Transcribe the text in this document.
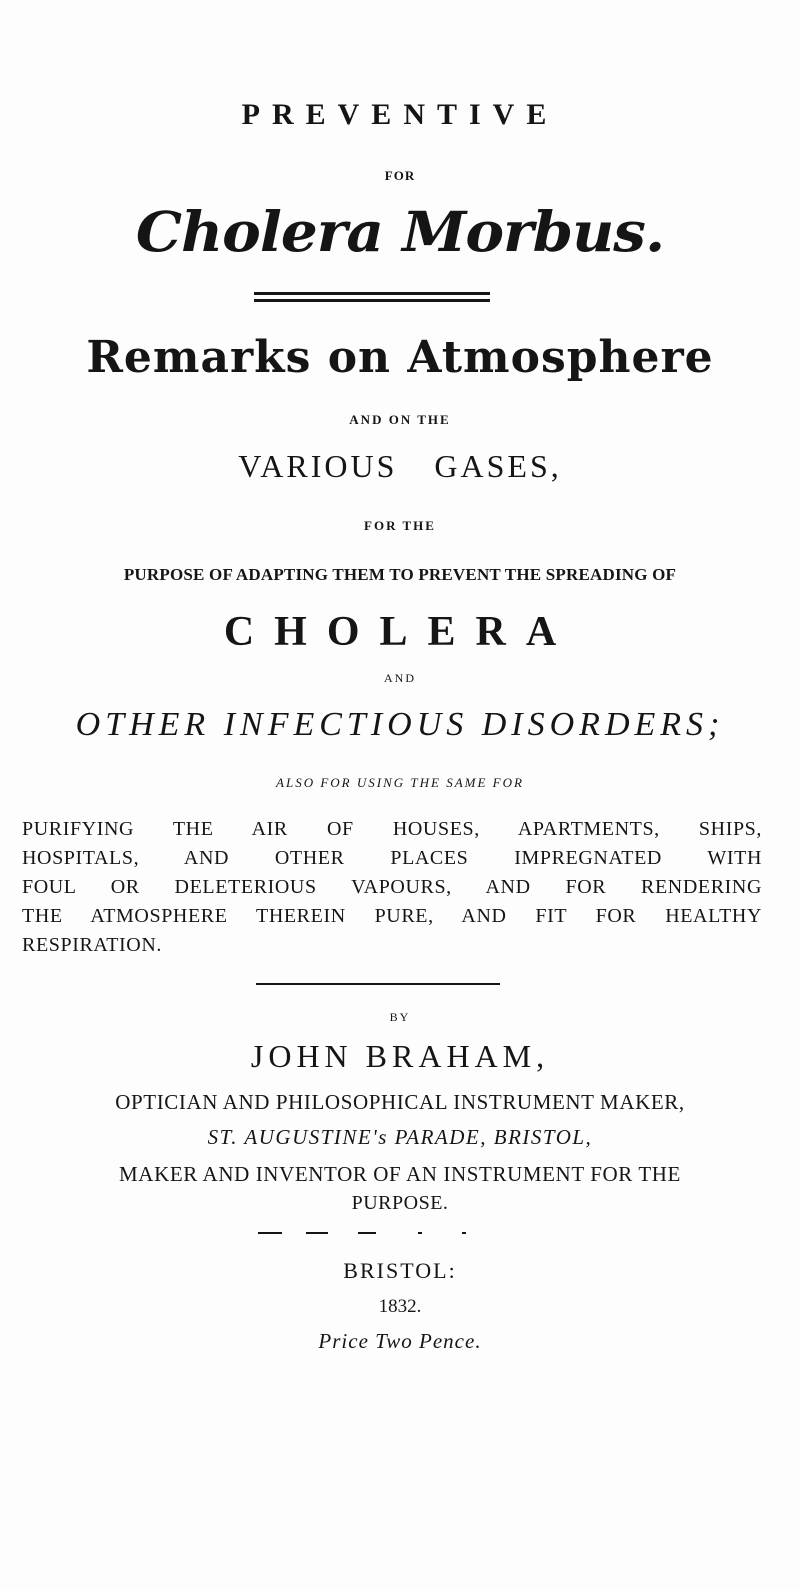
PREVENTIVE

FOR

Cholera Morbus.

Remarks on Atmosphere

AND ON THE

VARIOUS GASES,

FOR THE

PURPOSE OF ADAPTING THEM TO PREVENT THE SPREADING OF

CHOLERA

AND

OTHER INFECTIOUS DISORDERS;

ALSO FOR USING THE SAME FOR

PURIFYING THE AIR OF HOUSES, APARTMENTS, SHIPS,
HOSPITALS, AND OTHER PLACES IMPREGNATED WITH
FOUL OR DELETERIOUS VAPOURS, AND FOR RENDERING
THE ATMOSPHERE THEREIN PURE, AND FIT FOR HEALTHY
RESPIRATION.

BY

JOHN BRAHAM,

OPTICIAN AND PHILOSOPHICAL INSTRUMENT MAKER,

ST. AUGUSTINE's PARADE, BRISTOL,

MAKER AND INVENTOR OF AN INSTRUMENT FOR THE

PURPOSE.

BRISTOL:

1832.

Price Two Pence.
